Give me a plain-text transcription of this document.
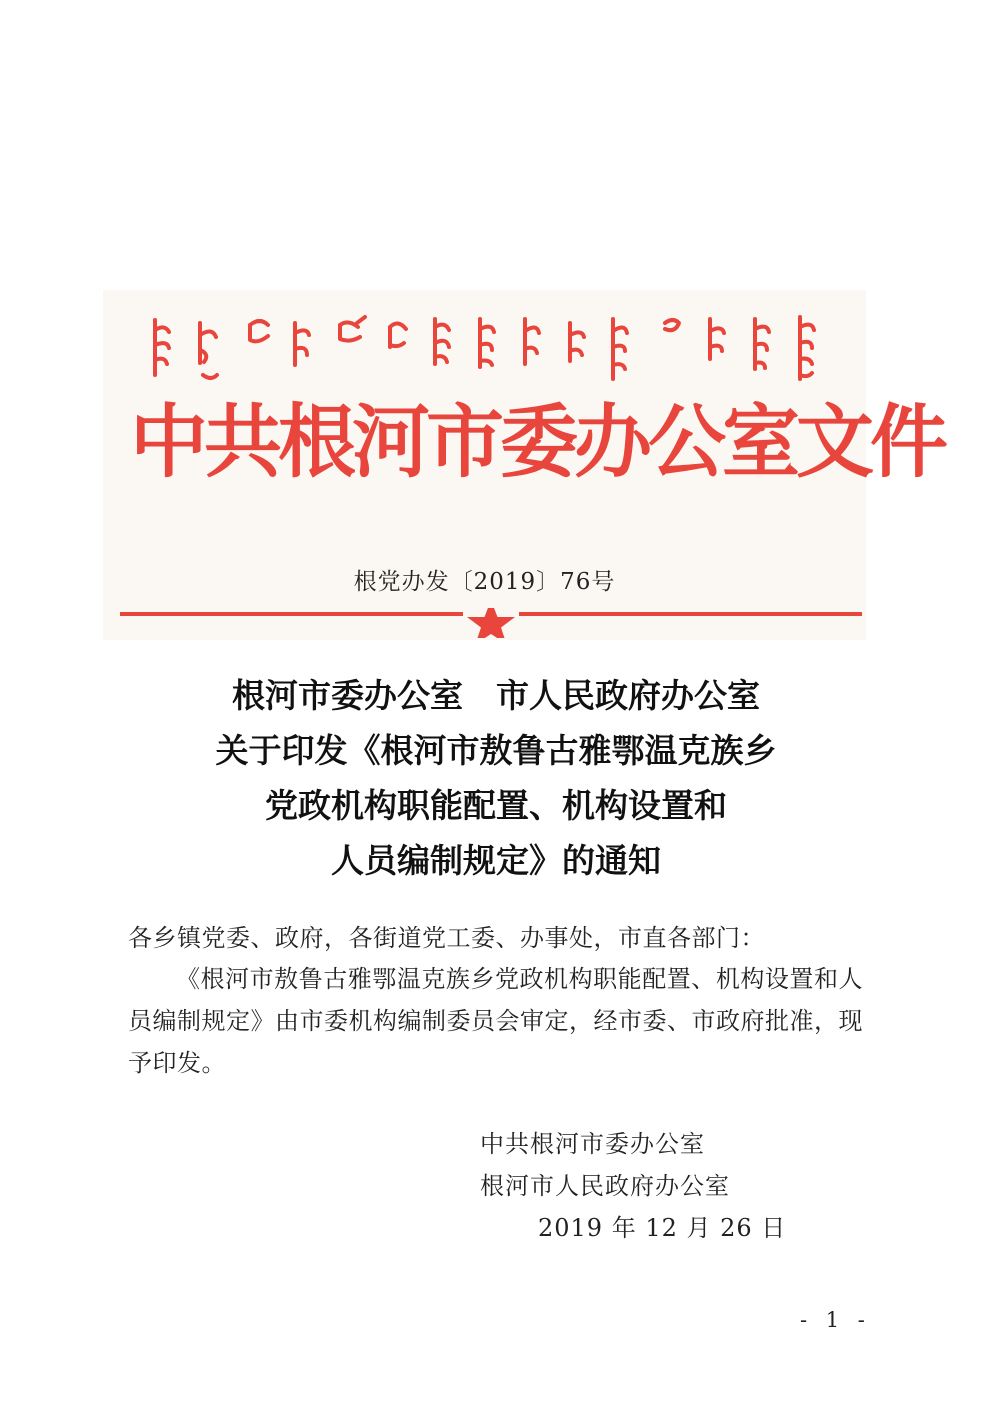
中共根河市委办公室文件
根党办发〔2019〕76号
根河市委办公室　市人民政府办公室
关于印发《根河市敖鲁古雅鄂温克族乡
党政机构职能配置、机构设置和
人员编制规定》的通知
各乡镇党委、政府，各街道党工委、办事处，市直各部门：

《根河市敖鲁古雅鄂温克族乡党政机构职能配置、机构设置和人员编制规定》由市委机构编制委员会审定，经市委、市政府批准，现予印发。

中共根河市委办公室
根河市人民政府办公室
2019 年 12 月 26 日
- 1 -
